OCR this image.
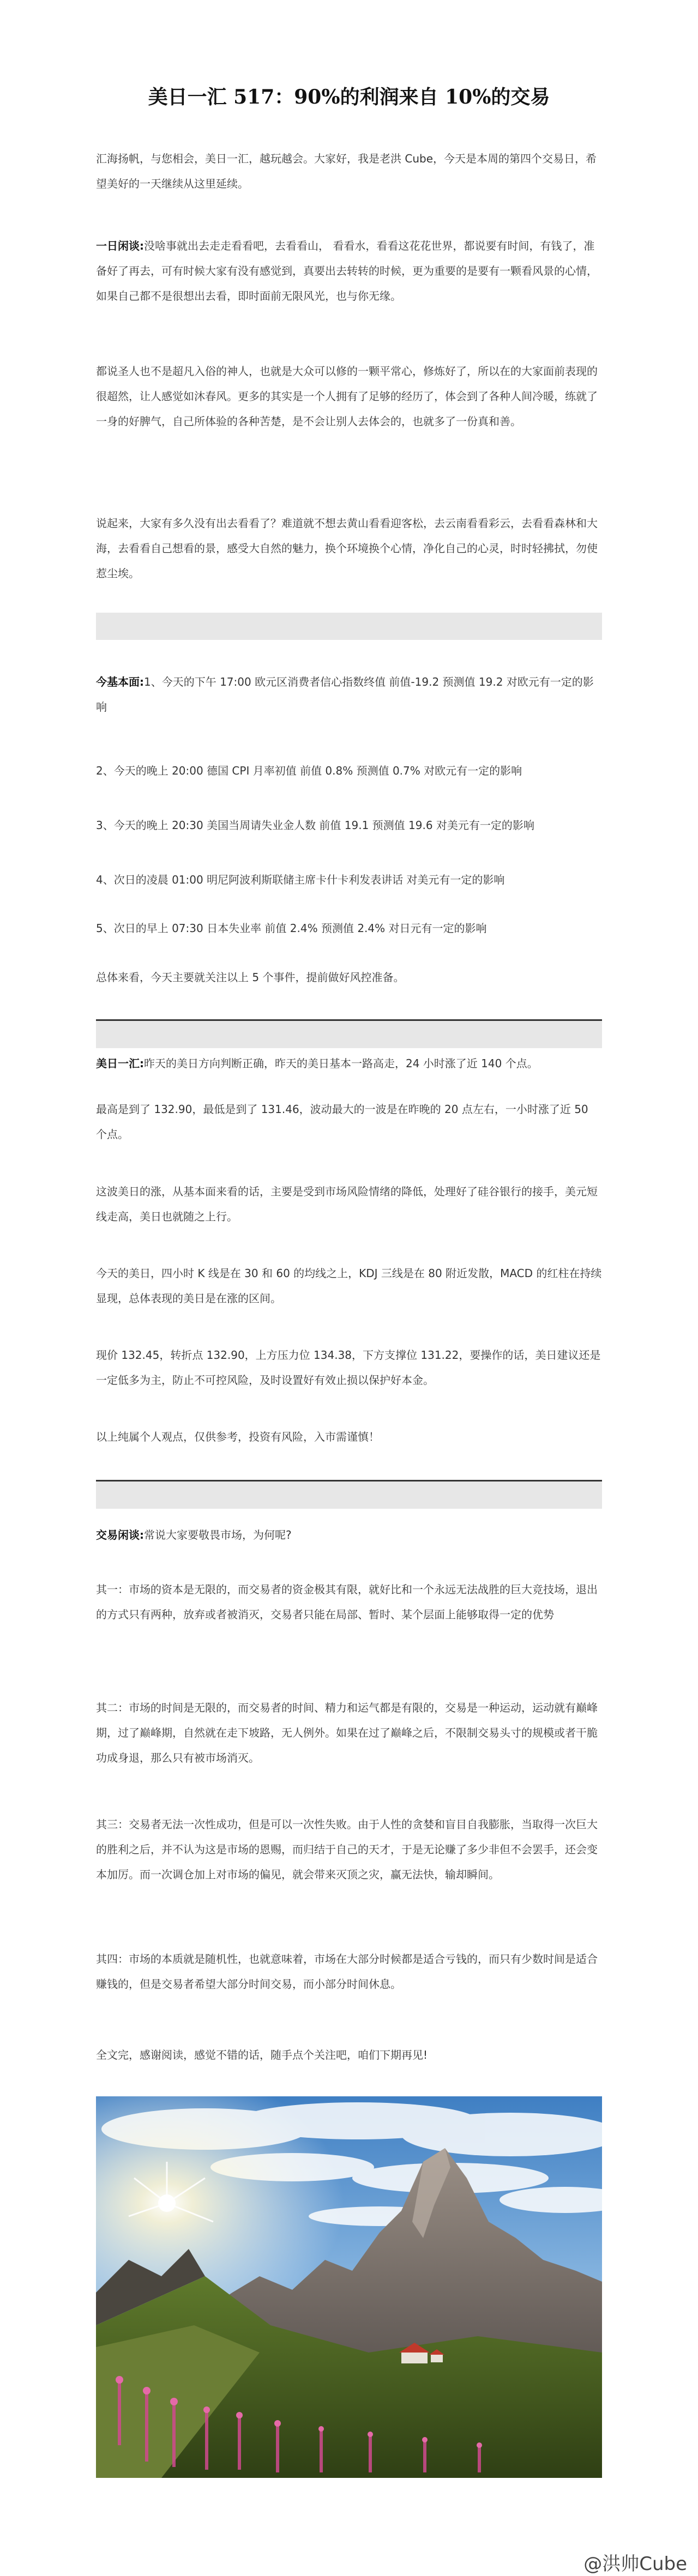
美日一汇 517：90%的利润来自 10%的交易

汇海扬帆，与您相会，美日一汇，越玩越会。大家好，我是老洪 Cube，今天是本周的第四个交易日，希望美好的一天继续从这里延续。

一日闲谈:没啥事就出去走走看看吧，去看看山， 看看水，看看这花花世界，都说要有时间，有钱了，准备好了再去，可有时候大家有没有感觉到，真要出去转转的时候，更为重要的是要有一颗看风景的心情，如果自己都不是很想出去看，即时面前无限风光，也与你无缘。

都说圣人也不是超凡入俗的神人，也就是大众可以修的一颗平常心，修炼好了，所以在的大家面前表现的很超然，让人感觉如沐春风。更多的其实是一个人拥有了足够的经历了，体会到了各种人间冷暖，练就了一身的好脾气，自己所体验的各种苦楚，是不会让别人去体会的，也就多了一份真和善。

说起来，大家有多久没有出去看看了？难道就不想去黄山看看迎客松，去云南看看彩云，去看看森林和大海，去看看自己想看的景，感受大自然的魅力，换个环境换个心情，净化自己的心灵，时时轻拂拭，勿使惹尘埃。

今基本面:1、今天的下午 17:00 欧元区消费者信心指数终值 前值-19.2 预测值 19.2 对欧元有一定的影响

2、今天的晚上 20:00 德国 CPI 月率初值 前值 0.8% 预测值 0.7% 对欧元有一定的影响

3、今天的晚上 20:30 美国当周请失业金人数 前值 19.1 预测值 19.6 对美元有一定的影响

4、次日的凌晨 01:00 明尼阿波利斯联储主席卡什卡利发表讲话 对美元有一定的影响

5、次日的早上 07:30 日本失业率 前值 2.4% 预测值 2.4% 对日元有一定的影响

总体来看，今天主要就关注以上 5 个事件，提前做好风控准备。

美日一汇:昨天的美日方向判断正确，昨天的美日基本一路高走，24 小时涨了近 140 个点。

最高是到了 132.90，最低是到了 131.46，波动最大的一波是在昨晚的 20 点左右，一小时涨了近 50 个点。

这波美日的涨，从基本面来看的话，主要是受到市场风险情绪的降低，处理好了硅谷银行的接手，美元短线走高，美日也就随之上行。

今天的美日，四小时 K 线是在 30 和 60 的均线之上，KDJ 三线是在 80 附近发散，MACD 的红柱在持续显现，总体表现的美日是在涨的区间。

现价 132.45，转折点 132.90，上方压力位 134.38，下方支撑位 131.22，要操作的话，美日建议还是一定低多为主，防止不可控风险，及时设置好有效止损以保护好本金。

以上纯属个人观点，仅供参考，投资有风险，入市需谨慎！

交易闲谈:常说大家要敬畏市场，为何呢?

其一：市场的资本是无限的，而交易者的资金极其有限，就好比和一个永远无法战胜的巨大竞技场，退出的方式只有两种，放弃或者被消灭，交易者只能在局部、暂时、某个层面上能够取得一定的优势

其二：市场的时间是无限的，而交易者的时间、精力和运气都是有限的，交易是一种运动，运动就有巅峰期，过了巅峰期，自然就在走下坡路，无人例外。如果在过了巅峰之后，不限制交易头寸的规模或者干脆功成身退，那么只有被市场消灭。

其三：交易者无法一次性成功，但是可以一次性失败。由于人性的贪婪和盲目自我膨胀，当取得一次巨大的胜利之后，并不认为这是市场的恩赐，而归结于自己的天才，于是无论赚了多少非但不会罢手，还会变本加厉。而一次调仓加上对市场的偏见，就会带来灭顶之灾，赢无法快，输却瞬间。

其四：市场的本质就是随机性，也就意味着，市场在大部分时候都是适合亏钱的，而只有少数时间是适合赚钱的，但是交易者希望大部分时间交易，而小部分时间休息。

全文完，感谢阅读，感觉不错的话，随手点个关注吧，咱们下期再见!

@洪帅Cube
